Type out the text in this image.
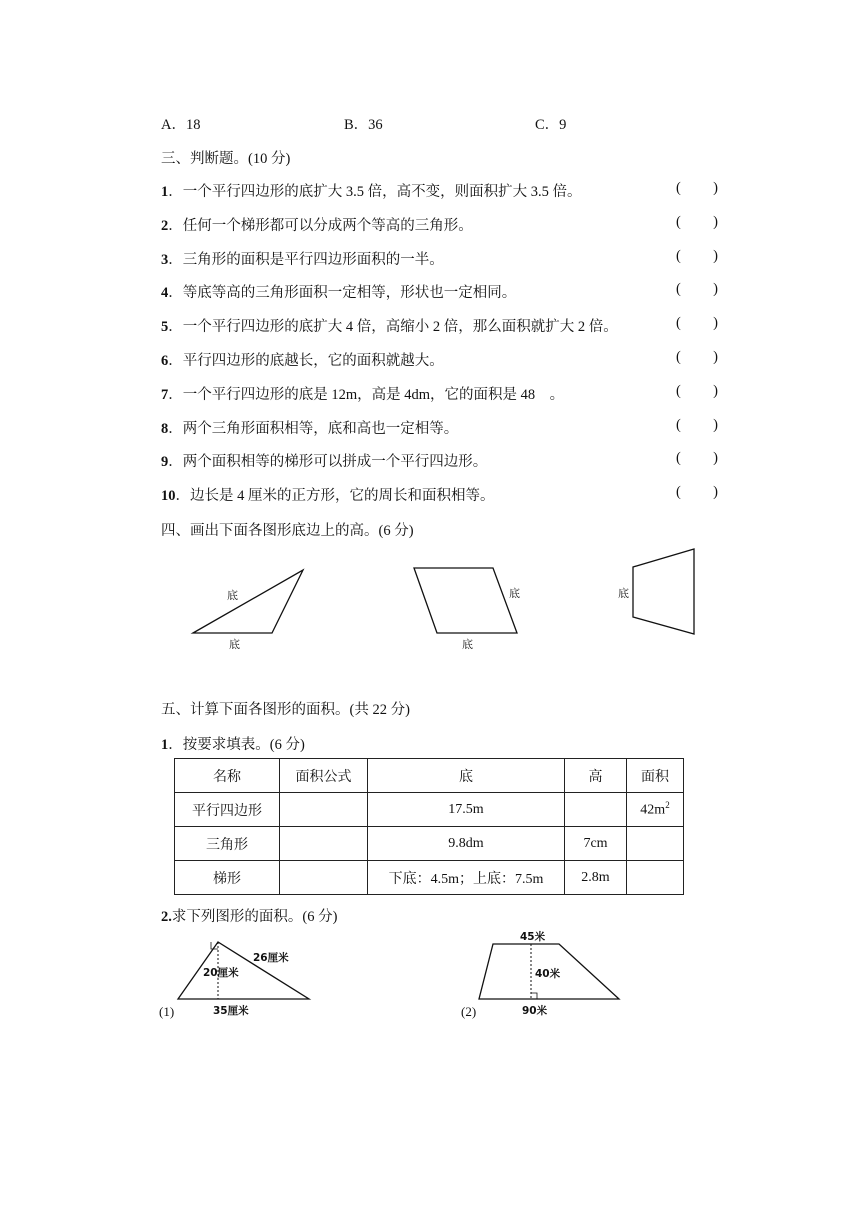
A．18	B．36	C．9
三、判断题。(10 分)
1．一个平行四边形的底扩大 3.5 倍，高不变，则面积扩大 3.5 倍。	( )
2．任何一个梯形都可以分成两个等高的三角形。	( )
3．三角形的面积是平行四边形面积的一半。	( )
4．等底等高的三角形面积一定相等，形状也一定相同。	( )
5．一个平行四边形的底扩大 4 倍，高缩小 2 倍，那么面积就扩大 2 倍。	( )
6．平行四边形的底越长，它的面积就越大。	( )
7．一个平行四边形的底是 12m，高是 4dm，它的面积是 48　。	( )
8．两个三角形面积相等，底和高也一定相等。	( )
9．两个面积相等的梯形可以拼成一个平行四边形。	( )
10．边长是 4 厘米的正方形，它的周长和面积相等。	( )
四、画出下面各图形底边上的高。(6 分)
底
底
底
底
底
五、计算下面各图形的面积。(共 22 分)
1．按要求填表。(6 分)
名称	面积公式	底	高	面积
平行四边形		17.5m		$42m^2$
三角形		9.8dm	7cm	
梯形		下底：4.5m；上底：7.5m	2.8m	
2.求下列图形的面积。(6 分)
26厘米
20厘米
35厘米
(1)
45米
40米
90米
(2)
